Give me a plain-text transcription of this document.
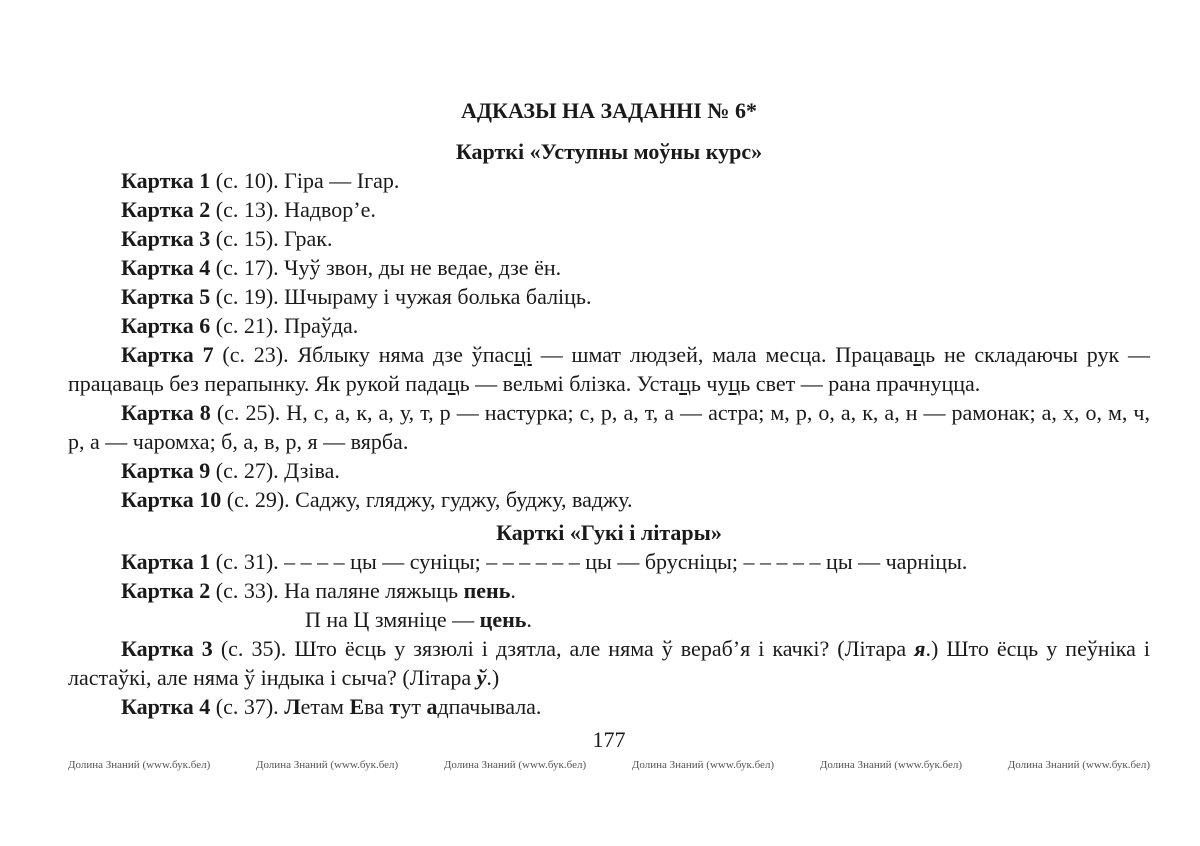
АДКАЗЫ НА ЗАДАННІ № 6*
Карткі «Уступны моўны курс»

Картка 1 (с. 10). Гіра — Ігар.

Картка 2 (с. 13). Надвор’е.

Картка 3 (с. 15). Грак.

Картка 4 (с. 17). Чуў звон, ды не ведае, дзе ён.

Картка 5 (с. 19). Шчыраму і чужая болька баліць.

Картка 6 (с. 21). Праўда.

Картка 7 (с. 23). Яблыку няма дзе ўпасці — шмат людзей, мала месца. Працаваць не складаючы рук — працаваць без перапынку. Як рукой падаць — вельмі блізка. Устаць чуць свет — рана прачнуцца.

Картка 8 (с. 25). Н, с, а, к, а, у, т, р — настурка; с, р, а, т, а — астра; м, р, о, а, к, а, н — рамонак; а, х, о, м, ч, р, а — чаромха; б, а, в, р, я — вярба.

Картка 9 (с. 27). Дзіва.

Картка 10 (с. 29). Саджу, гляджу, гуджу, буджу, ваджу.

Карткі «Гукі і літары»

Картка 1 (с. 31). – – – – цы — суніцы; – – – – – – цы — брусніцы; – – – – – цы — чарніцы.

Картка 2 (с. 33). На паляне ляжыць пень.

П на Ц змяніце — цень.

Картка 3 (с. 35). Што ёсць у зязюлі і дзятла, але няма ў вераб’я і качкі? (Літара я.) Што ёсць у пеўніка і ластаўкі, але няма ў індыка і сыча? (Літара ў.)

Картка 4 (с. 37). Летам Ева тут адпачывала.

177
Долина Знаний (www.бук.бел)	Долина Знаний (www.бук.бел)	Долина Знаний (www.бук.бел)	Долина Знаний (www.бук.бел)	Долина Знаний (www.бук.бел)	Долина Знаний (www.бук.бел)
